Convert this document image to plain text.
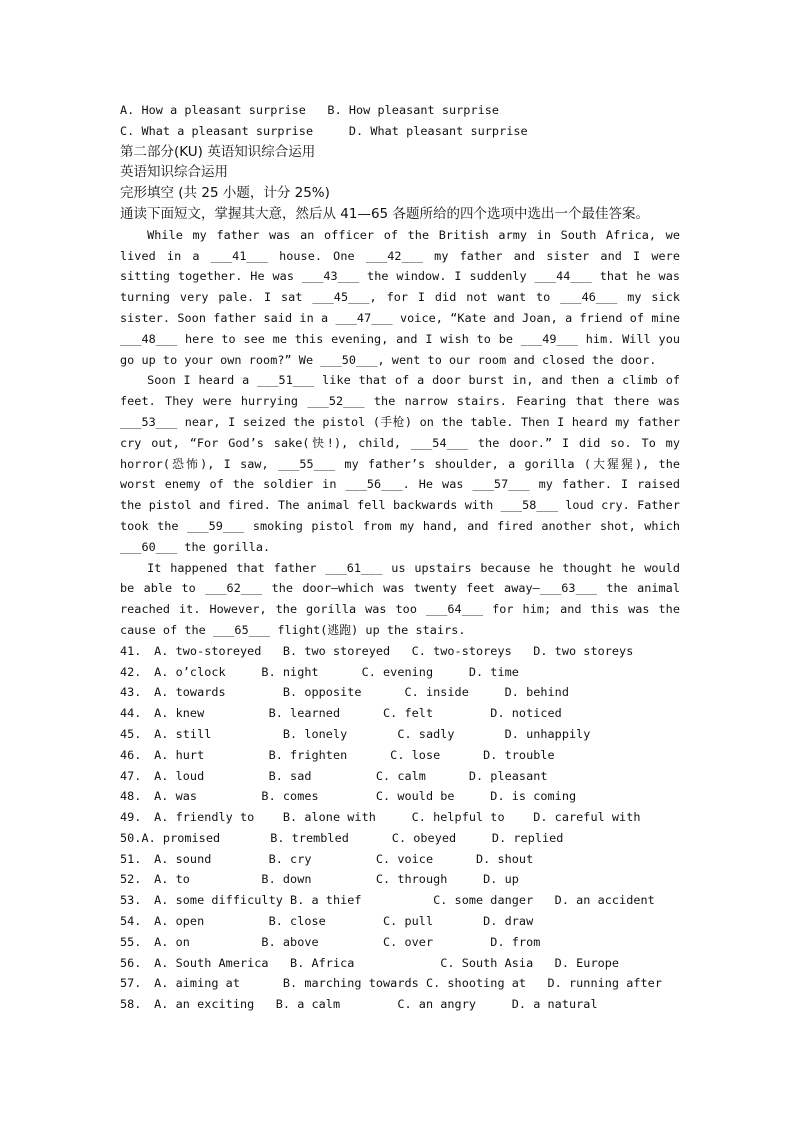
A. How a pleasant surprise   B. How pleasant surprise
C. What a pleasant surprise     D. What pleasant surprise
第二部分(KU) 英语知识综合运用
英语知识综合运用
完形填空 (共 25 小题，计分 25%)
通读下面短文，掌握其大意，然后从 41—65 各题所给的四个选项中选出一个最佳答案。

While my father was an officer of the British army in South Africa, we lived in a ___41___ house. One ___42___ my father and sister and I were sitting together. He was ___43___ the window. I suddenly ___44___ that he was turning very pale. I sat ___45___, for I did not want to ___46___ my sick sister. Soon father said in a ___47___ voice, “Kate and Joan, a friend of mine ___48___ here to see me this evening, and I wish to be ___49___ him. Will you go up to your own room?” We ___50___, went to our room and closed the door.

Soon I heard a ___51___ like that of a door burst in, and then a climb of feet. They were hurrying ___52___ the narrow stairs. Fearing that there was ___53___ near, I seized the pistol (手枪) on the table. Then I heard my father cry out, “For God’s sake(快!), child, ___54___ the door.” I did so. To my horror(恐怖), I saw, ___55___ my father’s shoulder, a gorilla (大猩猩), the worst enemy of the soldier in ___56___. He was ___57___ my father. I raised the pistol and fired. The animal fell backwards with ___58___ loud cry. Father took the ___59___ smoking pistol from my hand, and fired another shot, which ___60___ the gorilla.

It happened that father ___61___ us upstairs because he thought he would be able to ___62___ the door—which was twenty feet away—___63___ the animal reached it. However, the gorilla was too ___64___ for him; and this was the cause of the ___65___ flight(逃跑) up the stairs.

41. A. two-storeyed   B. two storeyed   C. two-storeys   D. two storeys
42. A. o’clock     B. night      C. evening     D. time
43. A. towards        B. opposite      C. inside     D. behind
44. A. knew         B. learned      C. felt        D. noticed
45. A. still          B. lonely       C. sadly       D. unhappily
46. A. hurt         B. frighten      C. lose      D. trouble
47. A. loud         B. sad         C. calm      D. pleasant
48. A. was         B. comes        C. would be     D. is coming
49. A. friendly to    B. alone with     C. helpful to    D. careful with
50. A. promised       B. trembled      C. obeyed     D. replied
51. A. sound        B. cry         C. voice      D. shout
52. A. to          B. down         C. through     D. up
53. A. some difficulty B. a thief          C. some danger   D. an accident
54. A. open         B. close        C. pull       D. draw
55. A. on          B. above         C. over        D. from
56. A. South America   B. Africa            C. South Asia   D. Europe
57. A. aiming at      B. marching towards C. shooting at   D. running after
58. A. an exciting   B. a calm        C. an angry     D. a natural
